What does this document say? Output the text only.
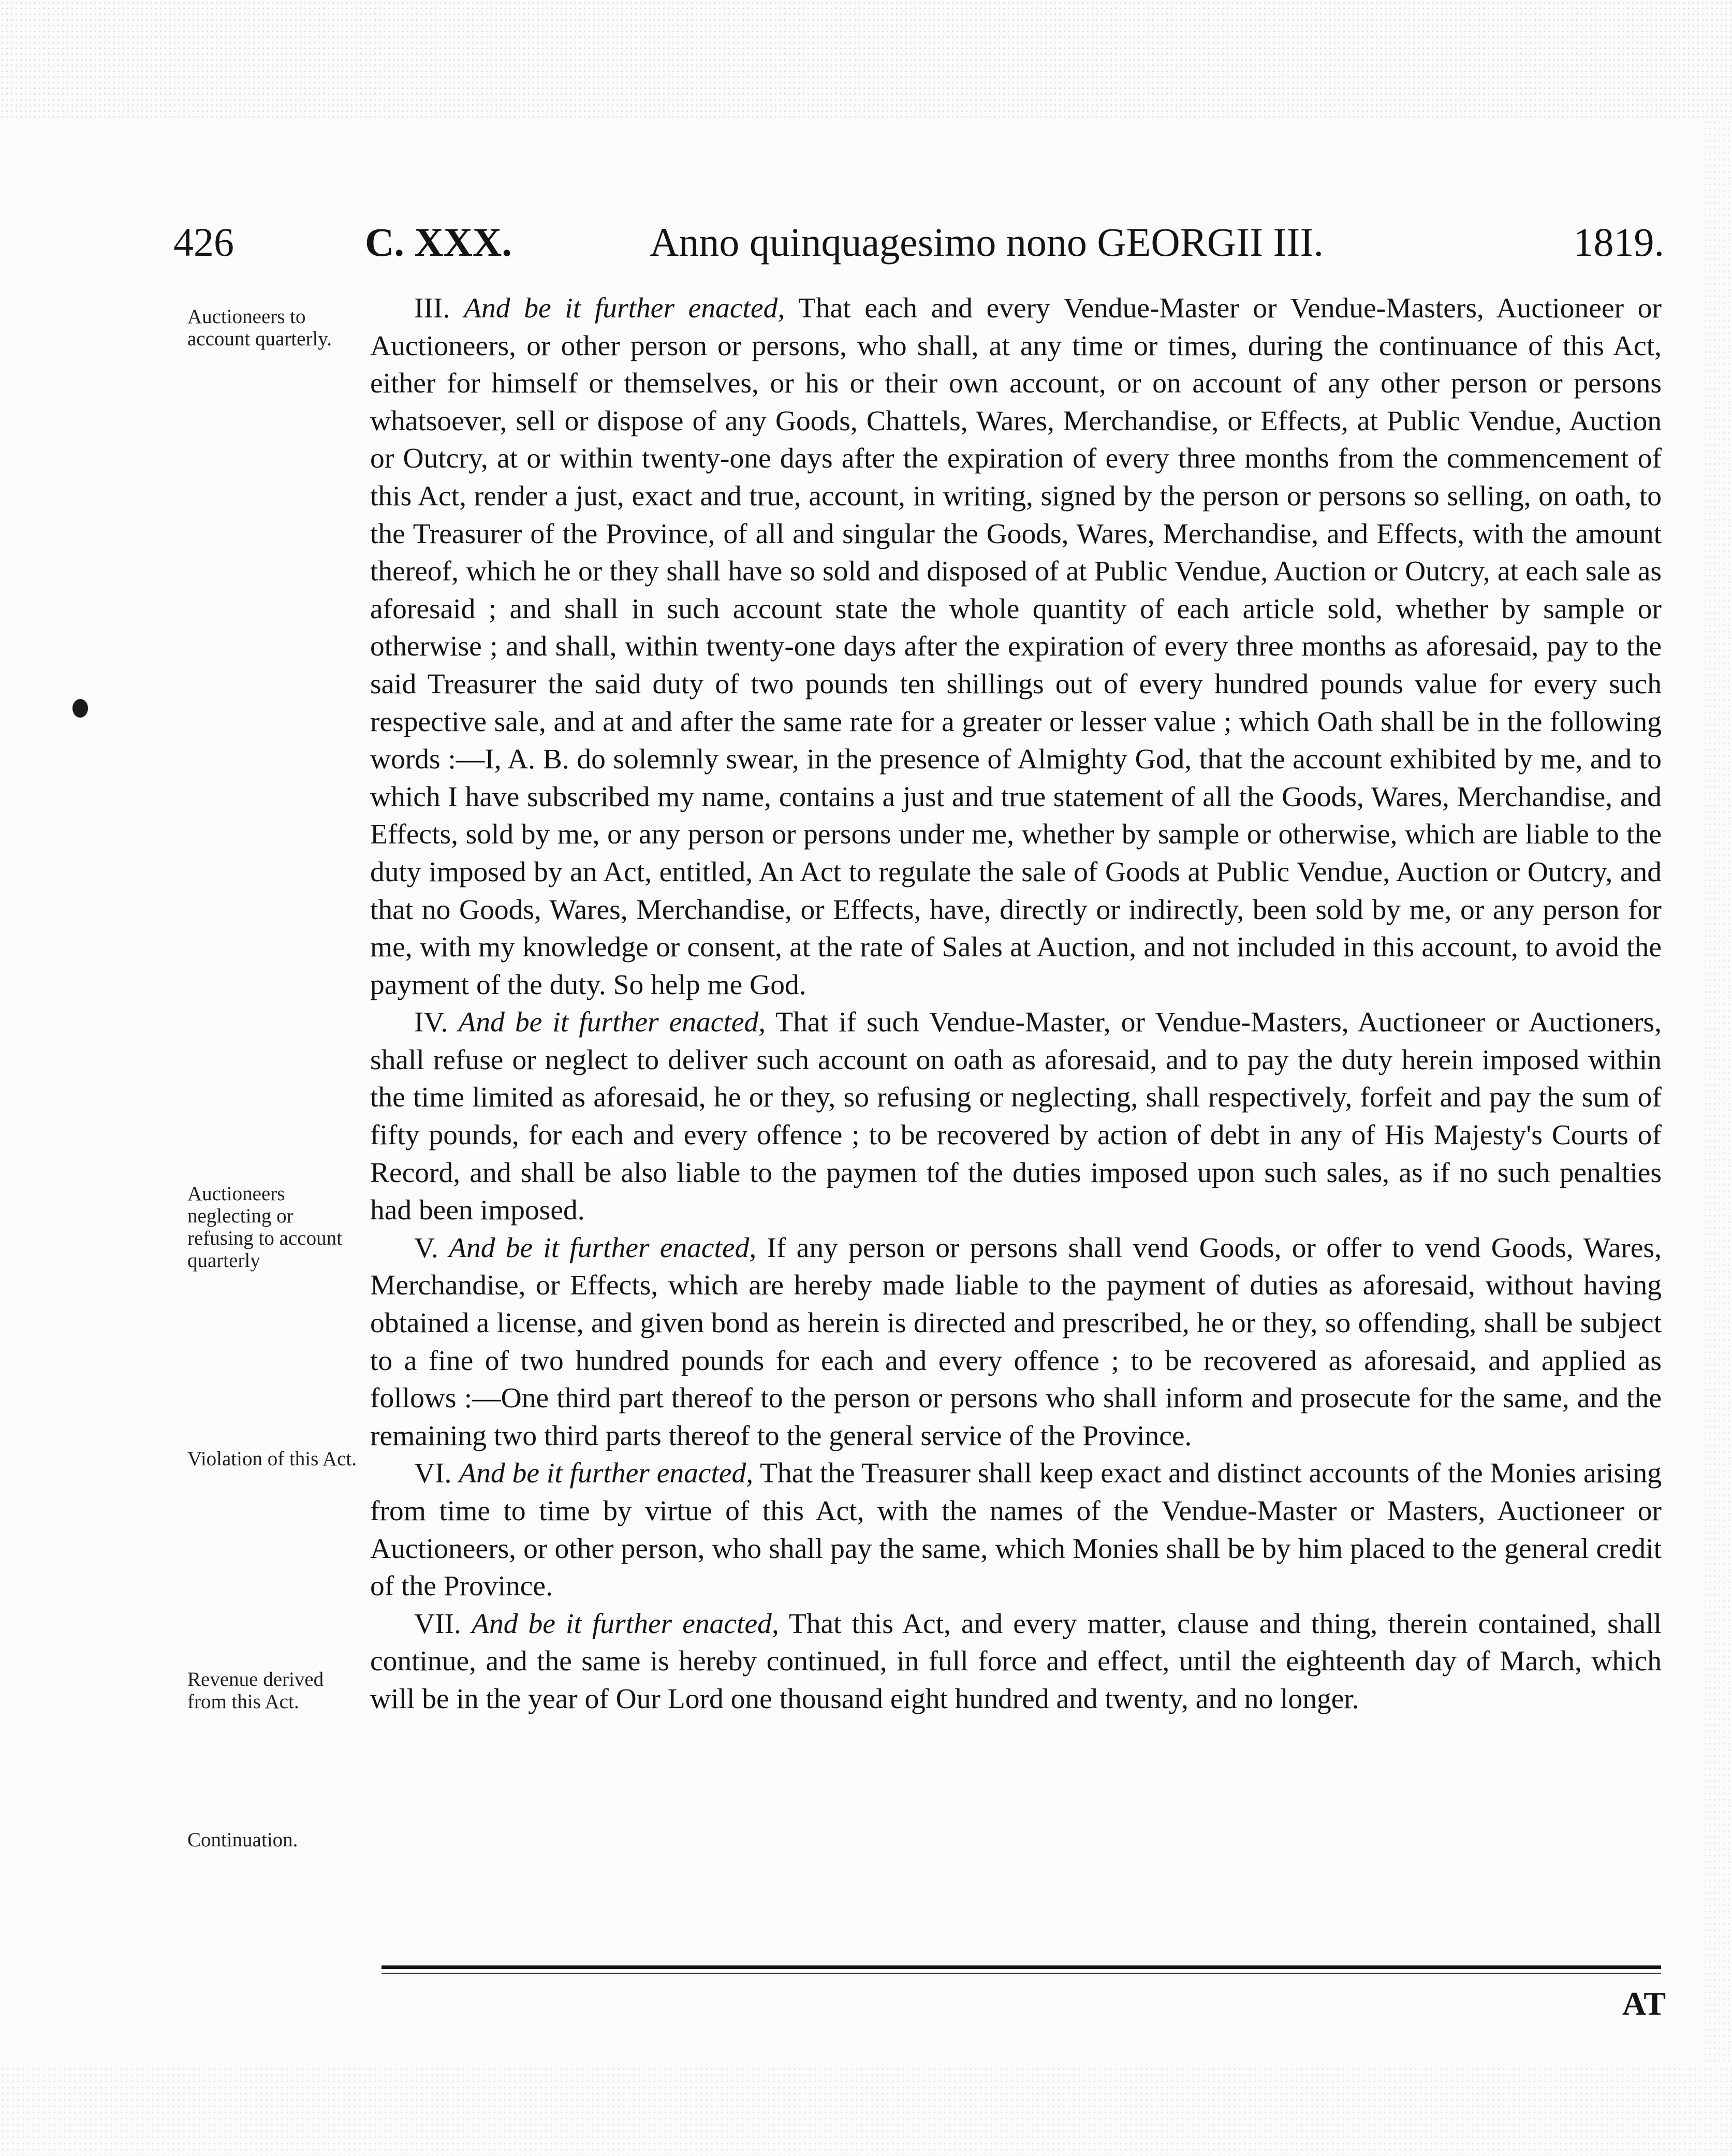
426	C. XXX.	Anno quinquagesimo nono GEORGII III.	1819.
Auctioneers to account quarterly.
Auctioneers neglecting or refusing to account quarterly
Violation of this Act.
Revenue derived from this Act.
Continuation.

III. And be it further enacted, That each and every Vendue-Master or Vendue-Masters, Auctioneer or Auctioneers, or other person or persons, who shall, at any time or times, during the continuance of this Act, either for himself or themselves, or his or their own account, or on account of any other person or persons whatsoever, sell or dispose of any Goods, Chattels, Wares, Merchandise, or Effects, at Public Vendue, Auction or Outcry, at or within twenty-one days after the expiration of every three months from the commencement of this Act, render a just, exact and true, account, in writing, signed by the person or persons so selling, on oath, to the Treasurer of the Province, of all and singular the Goods, Wares, Merchandise, and Effects, with the amount thereof, which he or they shall have so sold and disposed of at Public Vendue, Auction or Outcry, at each sale as aforesaid ; and shall in such account state the whole quantity of each article sold, whether by sample or otherwise ; and shall, within twenty-one days after the expiration of every three months as aforesaid, pay to the said Treasurer the said duty of two pounds ten shillings out of every hundred pounds value for every such respective sale, and at and after the same rate for a greater or lesser value ; which Oath shall be in the following words :—I, A. B. do solemnly swear, in the presence of Almighty God, that the account exhibited by me, and to which I have subscribed my name, contains a just and true statement of all the Goods, Wares, Merchandise, and Effects, sold by me, or any person or persons under me, whether by sample or otherwise, which are liable to the duty imposed by an Act, entitled, An Act to regulate the sale of Goods at Public Vendue, Auction or Outcry, and that no Goods, Wares, Merchandise, or Effects, have, directly or indirectly, been sold by me, or any person for me, with my knowledge or consent, at the rate of Sales at Auction, and not included in this account, to avoid the payment of the duty. So help me God.

IV. And be it further enacted, That if such Vendue-Master, or Vendue-Masters, Auctioneer or Auctioners, shall refuse or neglect to deliver such account on oath as aforesaid, and to pay the duty herein imposed within the time limited as aforesaid, he or they, so refusing or neglecting, shall respectively, forfeit and pay the sum of fifty pounds, for each and every offence ; to be recovered by action of debt in any of His Majesty's Courts of Record, and shall be also liable to the paymen tof the duties imposed upon such sales, as if no such penalties had been imposed.

V. And be it further enacted, If any person or persons shall vend Goods, or offer to vend Goods, Wares, Merchandise, or Effects, which are hereby made liable to the payment of duties as aforesaid, without having obtained a license, and given bond as herein is directed and prescribed, he or they, so offending, shall be subject to a fine of two hundred pounds for each and every offence ; to be recovered as aforesaid, and applied as follows :—One third part thereof to the person or persons who shall inform and prosecute for the same, and the remaining two third parts thereof to the general service of the Province.

VI. And be it further enacted, That the Treasurer shall keep exact and distinct accounts of the Monies arising from time to time by virtue of this Act, with the names of the Vendue-Master or Masters, Auctioneer or Auctioneers, or other person, who shall pay the same, which Monies shall be by him placed to the general credit of the Province.

VII. And be it further enacted, That this Act, and every matter, clause and thing, therein contained, shall continue, and the same is hereby continued, in full force and effect, until the eighteenth day of March, which will be in the year of Our Lord one thousand eight hundred and twenty, and no longer.

AT
